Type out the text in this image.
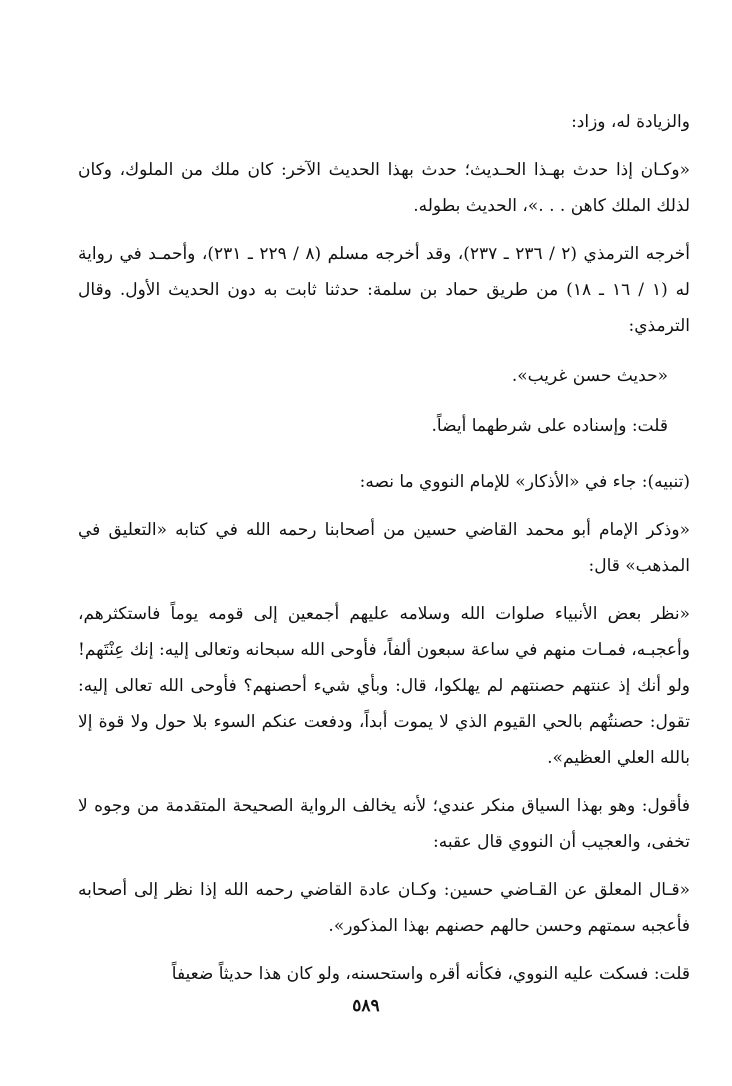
والزيادة له، وزاد:

«وكـان إذا حدث بهـذا الحـديث؛ حدث بهذا الحديث الآخر: كان ملك من الملوك، وكان لذلك الملك كاهن . . .»، الحديث بطوله.

أخرجه الترمذي (٢ / ٢٣٦ ـ ٢٣٧)، وقد أخرجه مسلم (٨ / ٢٢٩ ـ ٢٣١)، وأحمـد في رواية له (١ / ١٦ ـ ١٨) من طريق حماد بن سلمة: حدثنا ثابت به دون الحديث الأول. وقال الترمذي:

«حديث حسن غريب».

قلت: وإسناده على شرطهما أيضاً.

(تنبيه): جاء في «الأذكار» للإمام النووي ما نصه:

«وذكر الإمام أبو محمد القاضي حسين من أصحابنا رحمه الله في كتابه «التعليق في المذهب» قال:

«نظر بعض الأنبياء صلوات الله وسلامه عليهم أجمعين إلى قومه يوماً فاستكثرهم، وأعجبـه، فمـات منهم في ساعة سبعون ألفاً، فأوحى الله سبحانه وتعالى إليه: إنك عِنْتَهم! ولو أنك إذ عنتهم حصنتهم لم يهلكوا، قال: وبأي شيء أحصنهم؟ فأوحى الله تعالى إليه: تقول: حصنتُهم بالحي القيوم الذي لا يموت أبداً، ودفعت عنكم السوء بلا حول ولا قوة إلا بالله العلي العظيم».

فأقول: وهو بهذا السياق منكر عندي؛ لأنه يخالف الرواية الصحيحة المتقدمة من وجوه لا تخفى، والعجيب أن النووي قال عقبه:

«قـال المعلق عن القـاضي حسين: وكـان عادة القاضي رحمه الله إذا نظر إلى أصحابه فأعجبه سمتهم وحسن حالهم حصنهم بهذا المذكور».

قلت: فسكت عليه النووي، فكأنه أقره واستحسنه، ولو كان هذا حديثاً ضعيفاً

٥٨٩
